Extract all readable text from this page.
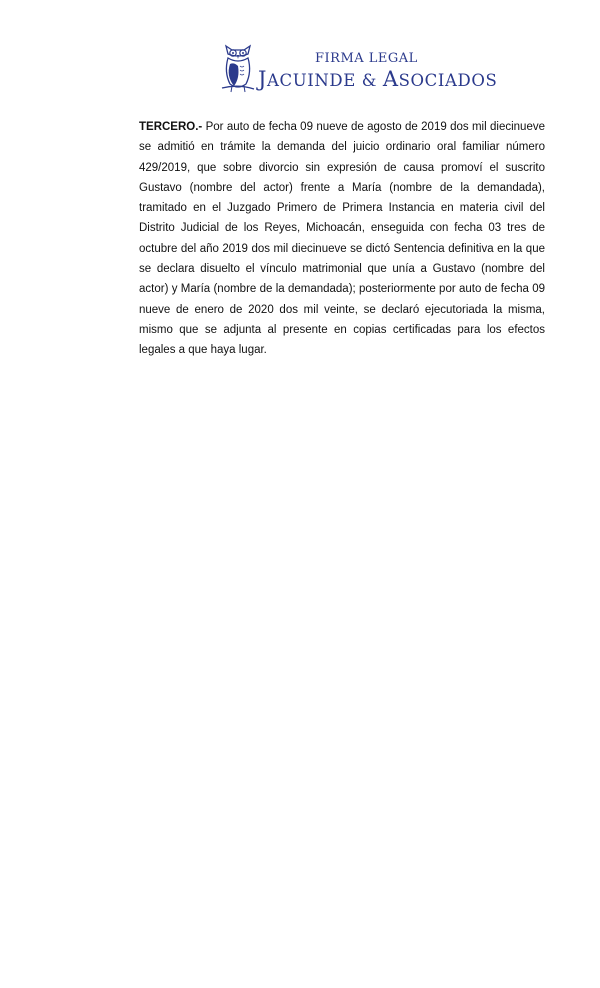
FIRMA LEGAL
JACUINDE & ASOCIADOS
TERCERO.- Por auto de fecha 09 nueve de agosto de 2019 dos mil diecinueve se admitió en trámite la demanda del juicio ordinario oral familiar número 429/2019, que sobre divorcio sin expresión de causa promoví el suscrito Gustavo (nombre del actor) frente a María (nombre de la demandada), tramitado en el Juzgado Primero de Primera Instancia en materia civil del Distrito Judicial de los Reyes, Michoacán, enseguida con fecha 03 tres de octubre del año 2019 dos mil diecinueve se dictó Sentencia definitiva en la que se declara disuelto el vínculo matrimonial que unía a Gustavo (nombre del actor) y María (nombre de la demandada); posteriormente por auto de fecha 09 nueve de enero de 2020 dos mil veinte, se declaró ejecutoriada la misma, mismo que se adjunta al presente en copias certificadas para los efectos legales a que haya lugar.
